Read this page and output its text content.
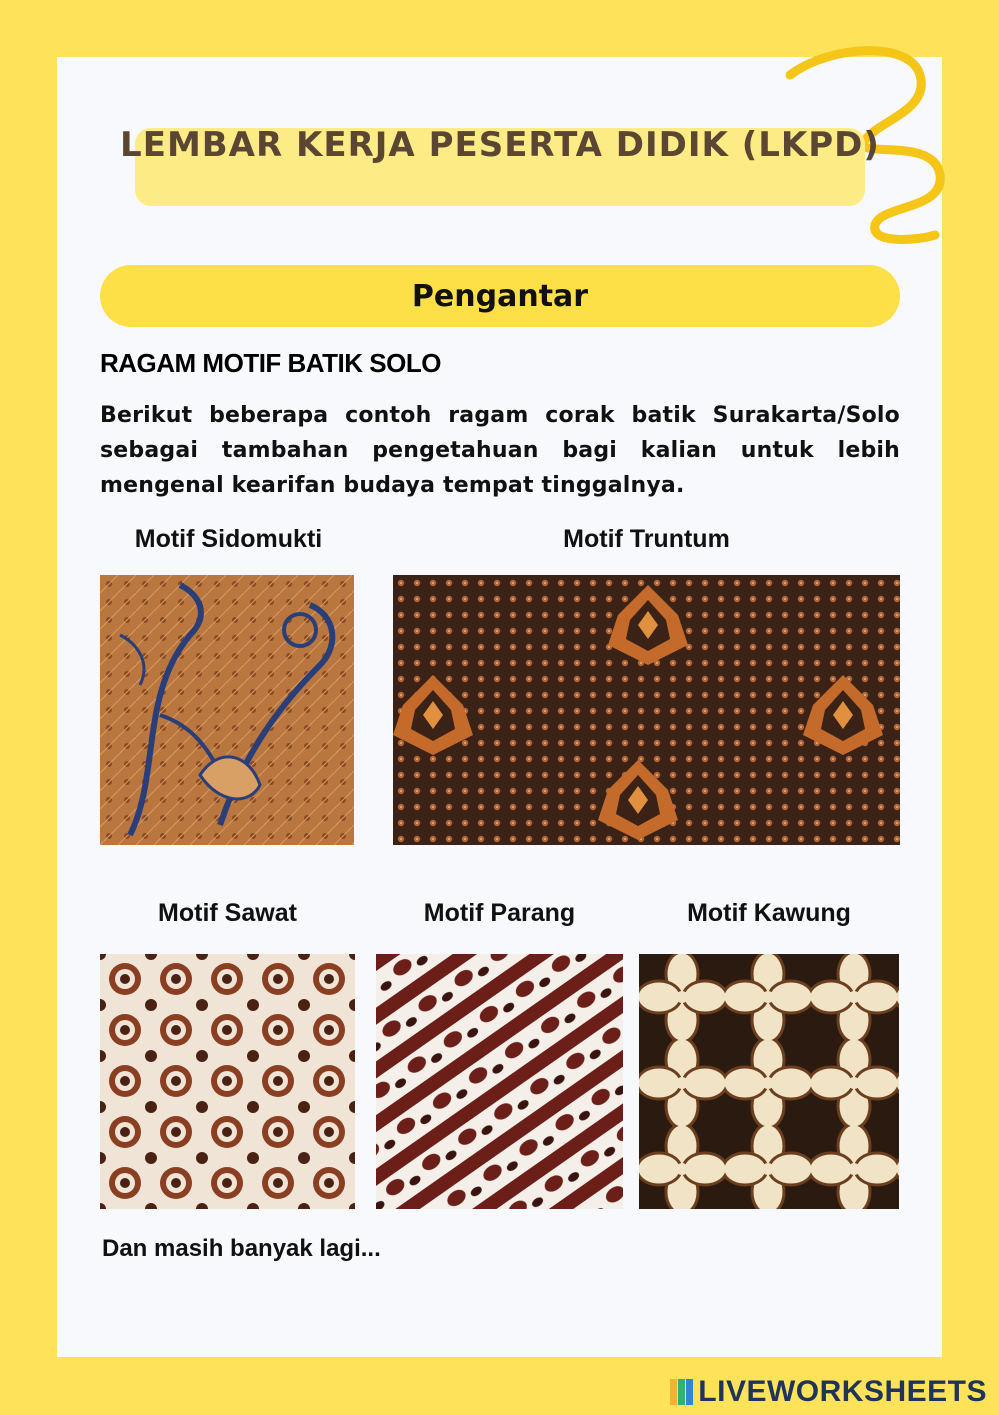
LEMBAR KERJA PESERTA DIDIK (LKPD)
Pengantar
RAGAM MOTIF BATIK SOLO
Berikut beberapa contoh ragam corak batik Surakarta/Solo sebagai tambahan pengetahuan bagi kalian untuk lebih mengenal kearifan budaya tempat tinggalnya.
Motif Sidomukti	Motif Truntum
Motif Sawat	Motif Parang	Motif Kawung
Dan masih banyak lagi...
LIVEWORKSHEETS
